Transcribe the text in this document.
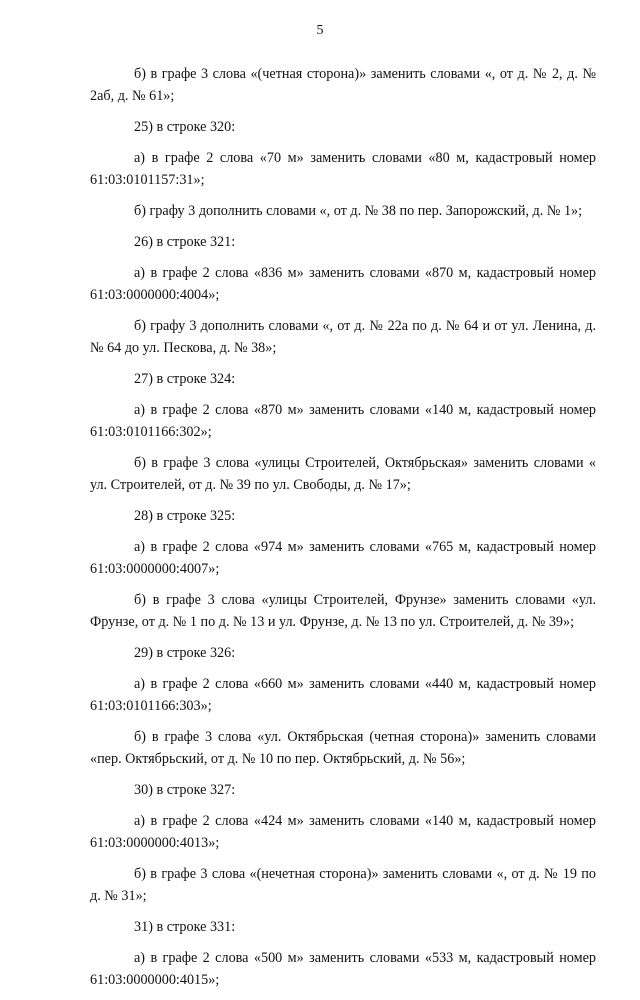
5

б) в графе 3 слова «(четная сторона)» заменить словами «, от д. № 2, д. № 2аб, д. № 61»;

25) в строке 320:

а) в графе 2 слова «70 м» заменить словами «80 м, кадастровый номер 61:03:0101157:31»;

б) графу 3 дополнить словами «, от д. № 38 по пер. Запорожский, д. № 1»;

26) в строке 321:

а) в графе 2 слова «836 м» заменить словами «870 м, кадастровый номер 61:03:0000000:4004»;

б) графу 3 дополнить словами «, от д. № 22а по д. № 64 и от ул. Ленина, д. № 64 до ул. Пескова, д. № 38»;

27) в строке 324:

а) в графе 2 слова «870 м» заменить словами «140 м, кадастровый номер 61:03:0101166:302»;

б) в графе 3 слова «улицы Строителей, Октябрьская» заменить словами « ул. Строителей, от д. № 39 по ул. Свободы, д. № 17»;

28) в строке 325:

а) в графе 2 слова «974 м» заменить словами «765 м, кадастровый номер 61:03:0000000:4007»;

б) в графе 3 слова «улицы Строителей, Фрунзе» заменить словами «ул. Фрунзе, от д. № 1 по д. № 13 и ул. Фрунзе, д. № 13 по ул. Строителей, д. № 39»;

29) в строке 326:

а) в графе 2 слова «660 м» заменить словами «440 м, кадастровый номер 61:03:0101166:303»;

б) в графе 3 слова «ул. Октябрьская (четная сторона)» заменить словами «пер. Октябрьский, от д. № 10 по пер. Октябрьский, д. № 56»;

30) в строке 327:

а) в графе 2 слова «424 м» заменить словами «140 м, кадастровый номер 61:03:0000000:4013»;

б) в графе 3 слова «(нечетная сторона)» заменить словами «, от д. № 19 по д. № 31»;

31) в строке 331:

а) в графе 2 слова «500 м» заменить словами «533 м, кадастровый номер 61:03:0000000:4015»;
